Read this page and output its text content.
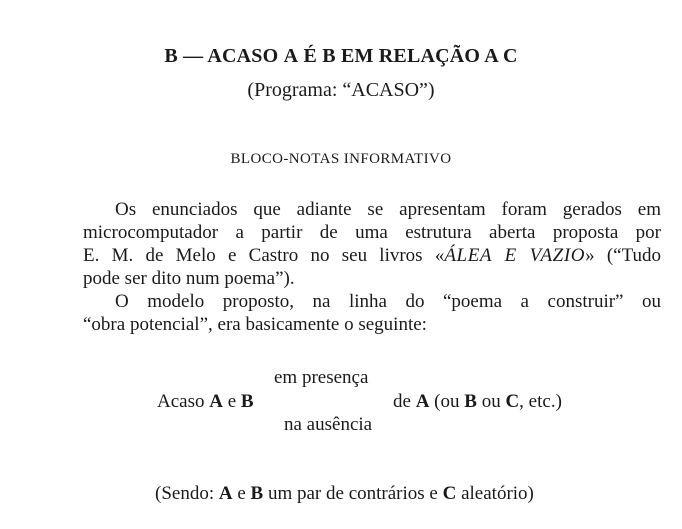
B — ACASO A É B EM RELAÇÃO A C
(Programa: “ACASO”)
BLOCO-NOTAS INFORMATIVO

Os enunciados que adiante se apresentam foram gerados em

microcomputador a partir de uma estrutura aberta proposta por

E. M. de Melo e Castro no seu livros «ÁLEA E VAZIO» (“Tudo

pode ser dito num poema”).

O modelo proposto, na linha do “poema a construir” ou

“obra potencial”, era basicamente o seguinte:

em presença
Acaso A e B	de A (ou B ou C, etc.)
na ausência
(Sendo: A e B um par de contrários e C aleatório)
